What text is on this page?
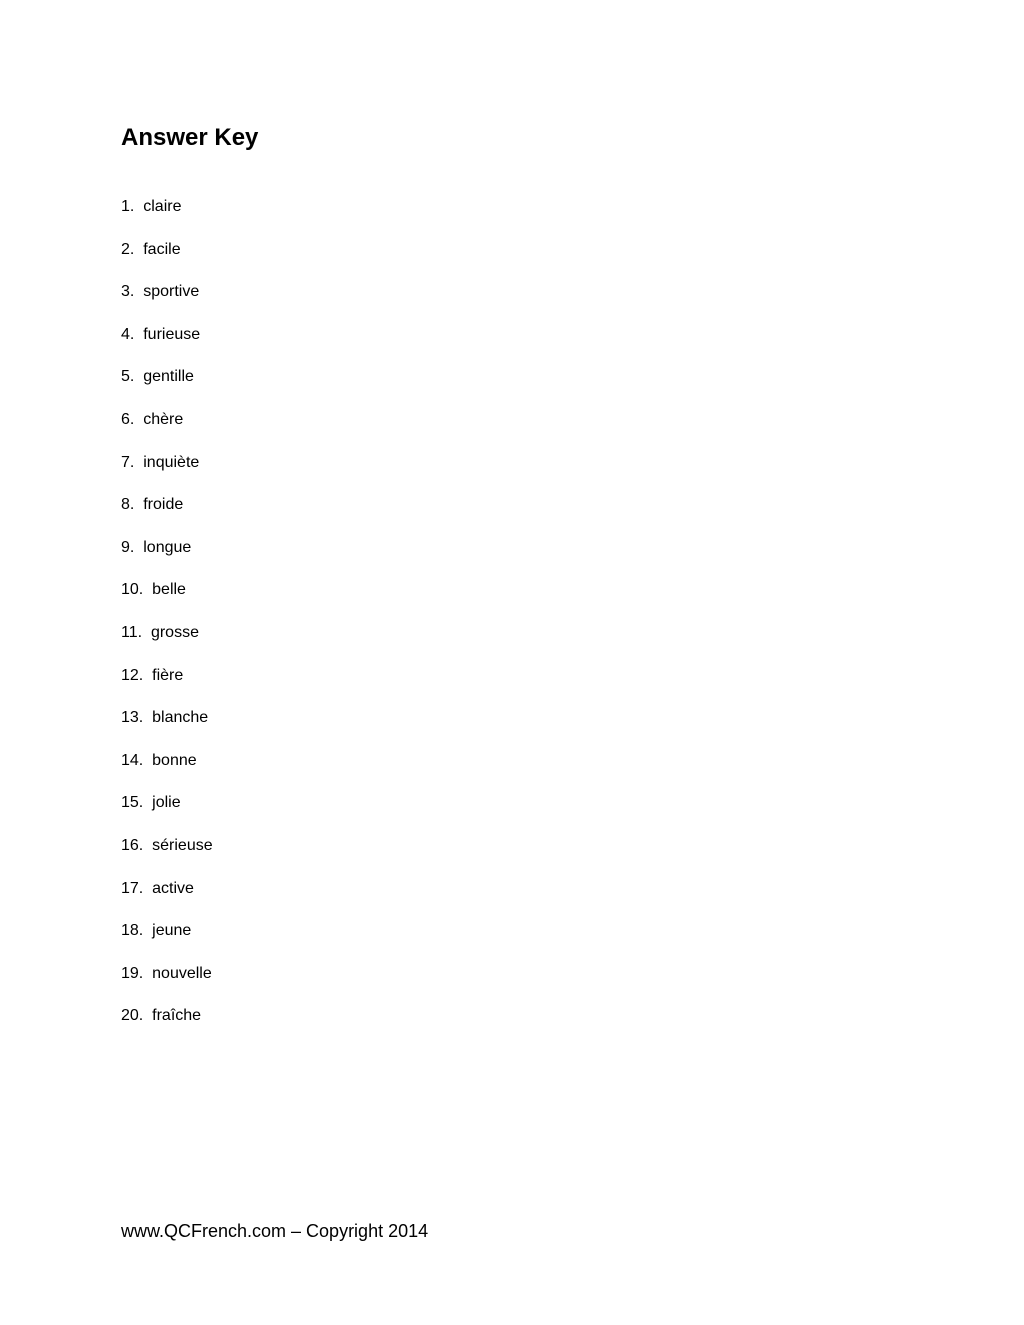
Answer Key
1. claire
2. facile
3. sportive
4. furieuse
5. gentille
6. chère
7. inquiète
8. froide
9. longue
10. belle
11. grosse
12. fière
13. blanche
14. bonne
15. jolie
16. sérieuse
17. active
18. jeune
19. nouvelle
20. fraîche

www.QCFrench.com – Copyright 2014
